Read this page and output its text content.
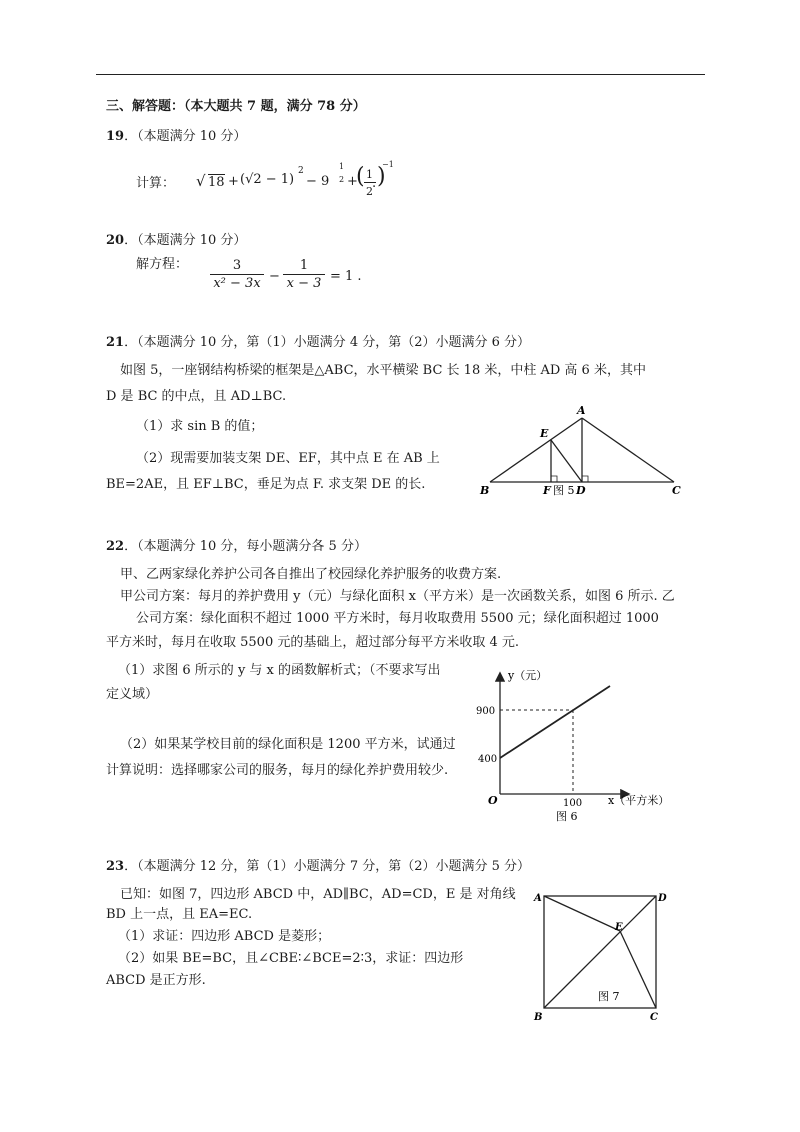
三、解答题：（本大题共 7 题，满分 78 分）
19．（本题满分 10 分）
计算： √ 18 + (√2 − 1)
2
− 9
1
2 +
( 1
2
)
−1
.
20．（本题满分 10 分）
解方程：	3
x² − 3x −
1
x − 3 = 1 .
21．（本题满分 10 分，第（1）小题满分 4 分，第（2）小题满分 6 分）
如图 5，一座钢结构桥梁的框架是△ABC，水平横梁 BC 长 18 米，中柱 AD 高 6 米，其中
D 是 BC 的中点，且 AD⊥BC.
（1）求 sin B 的值；
（2）现需要加装支架 DE、EF，其中点 E 在 AB 上
BE=2AE，且 EF⊥BC，垂足为点 F. 求支架 DE 的长.
A
B	C
D
E
F 图 5
22．（本题满分 10 分，每小题满分各 5 分）
甲、乙两家绿化养护公司各自推出了校园绿化养护服务的收费方案.
甲公司方案：每月的养护费用 y（元）与绿化面积 x（平方米）是一次函数关系，如图 6 所示. 乙
公司方案：绿化面积不超过 1000 平方米时，每月收取费用 5500 元；绿化面积超过 1000
平方米时，每月在收取 5500 元的基础上，超过部分每平方米收取 4 元.
（1）求图 6 所示的 y 与 x 的函数解析式；（不要求写出
定义域）
（2）如果某学校目前的绿化面积是 1200 平方米，试通过
计算说明：选择哪家公司的服务，每月的绿化养护费用较少.
y（元）
x（平方米）
O
900
400
100
图 6
23．（本题满分 12 分，第（1）小题满分 7 分，第（2）小题满分 5 分）
已知：如图 7，四边形 ABCD 中，AD∥BC，AD=CD，E 是 对角线
BD 上一点，且 EA=EC.
（1）求证：四边形 ABCD 是菱形；
（2）如果 BE=BC，且∠CBE∶∠BCE=2∶3，求证：四边形
ABCD 是正方形.
A	D
B	C
E
图 7
